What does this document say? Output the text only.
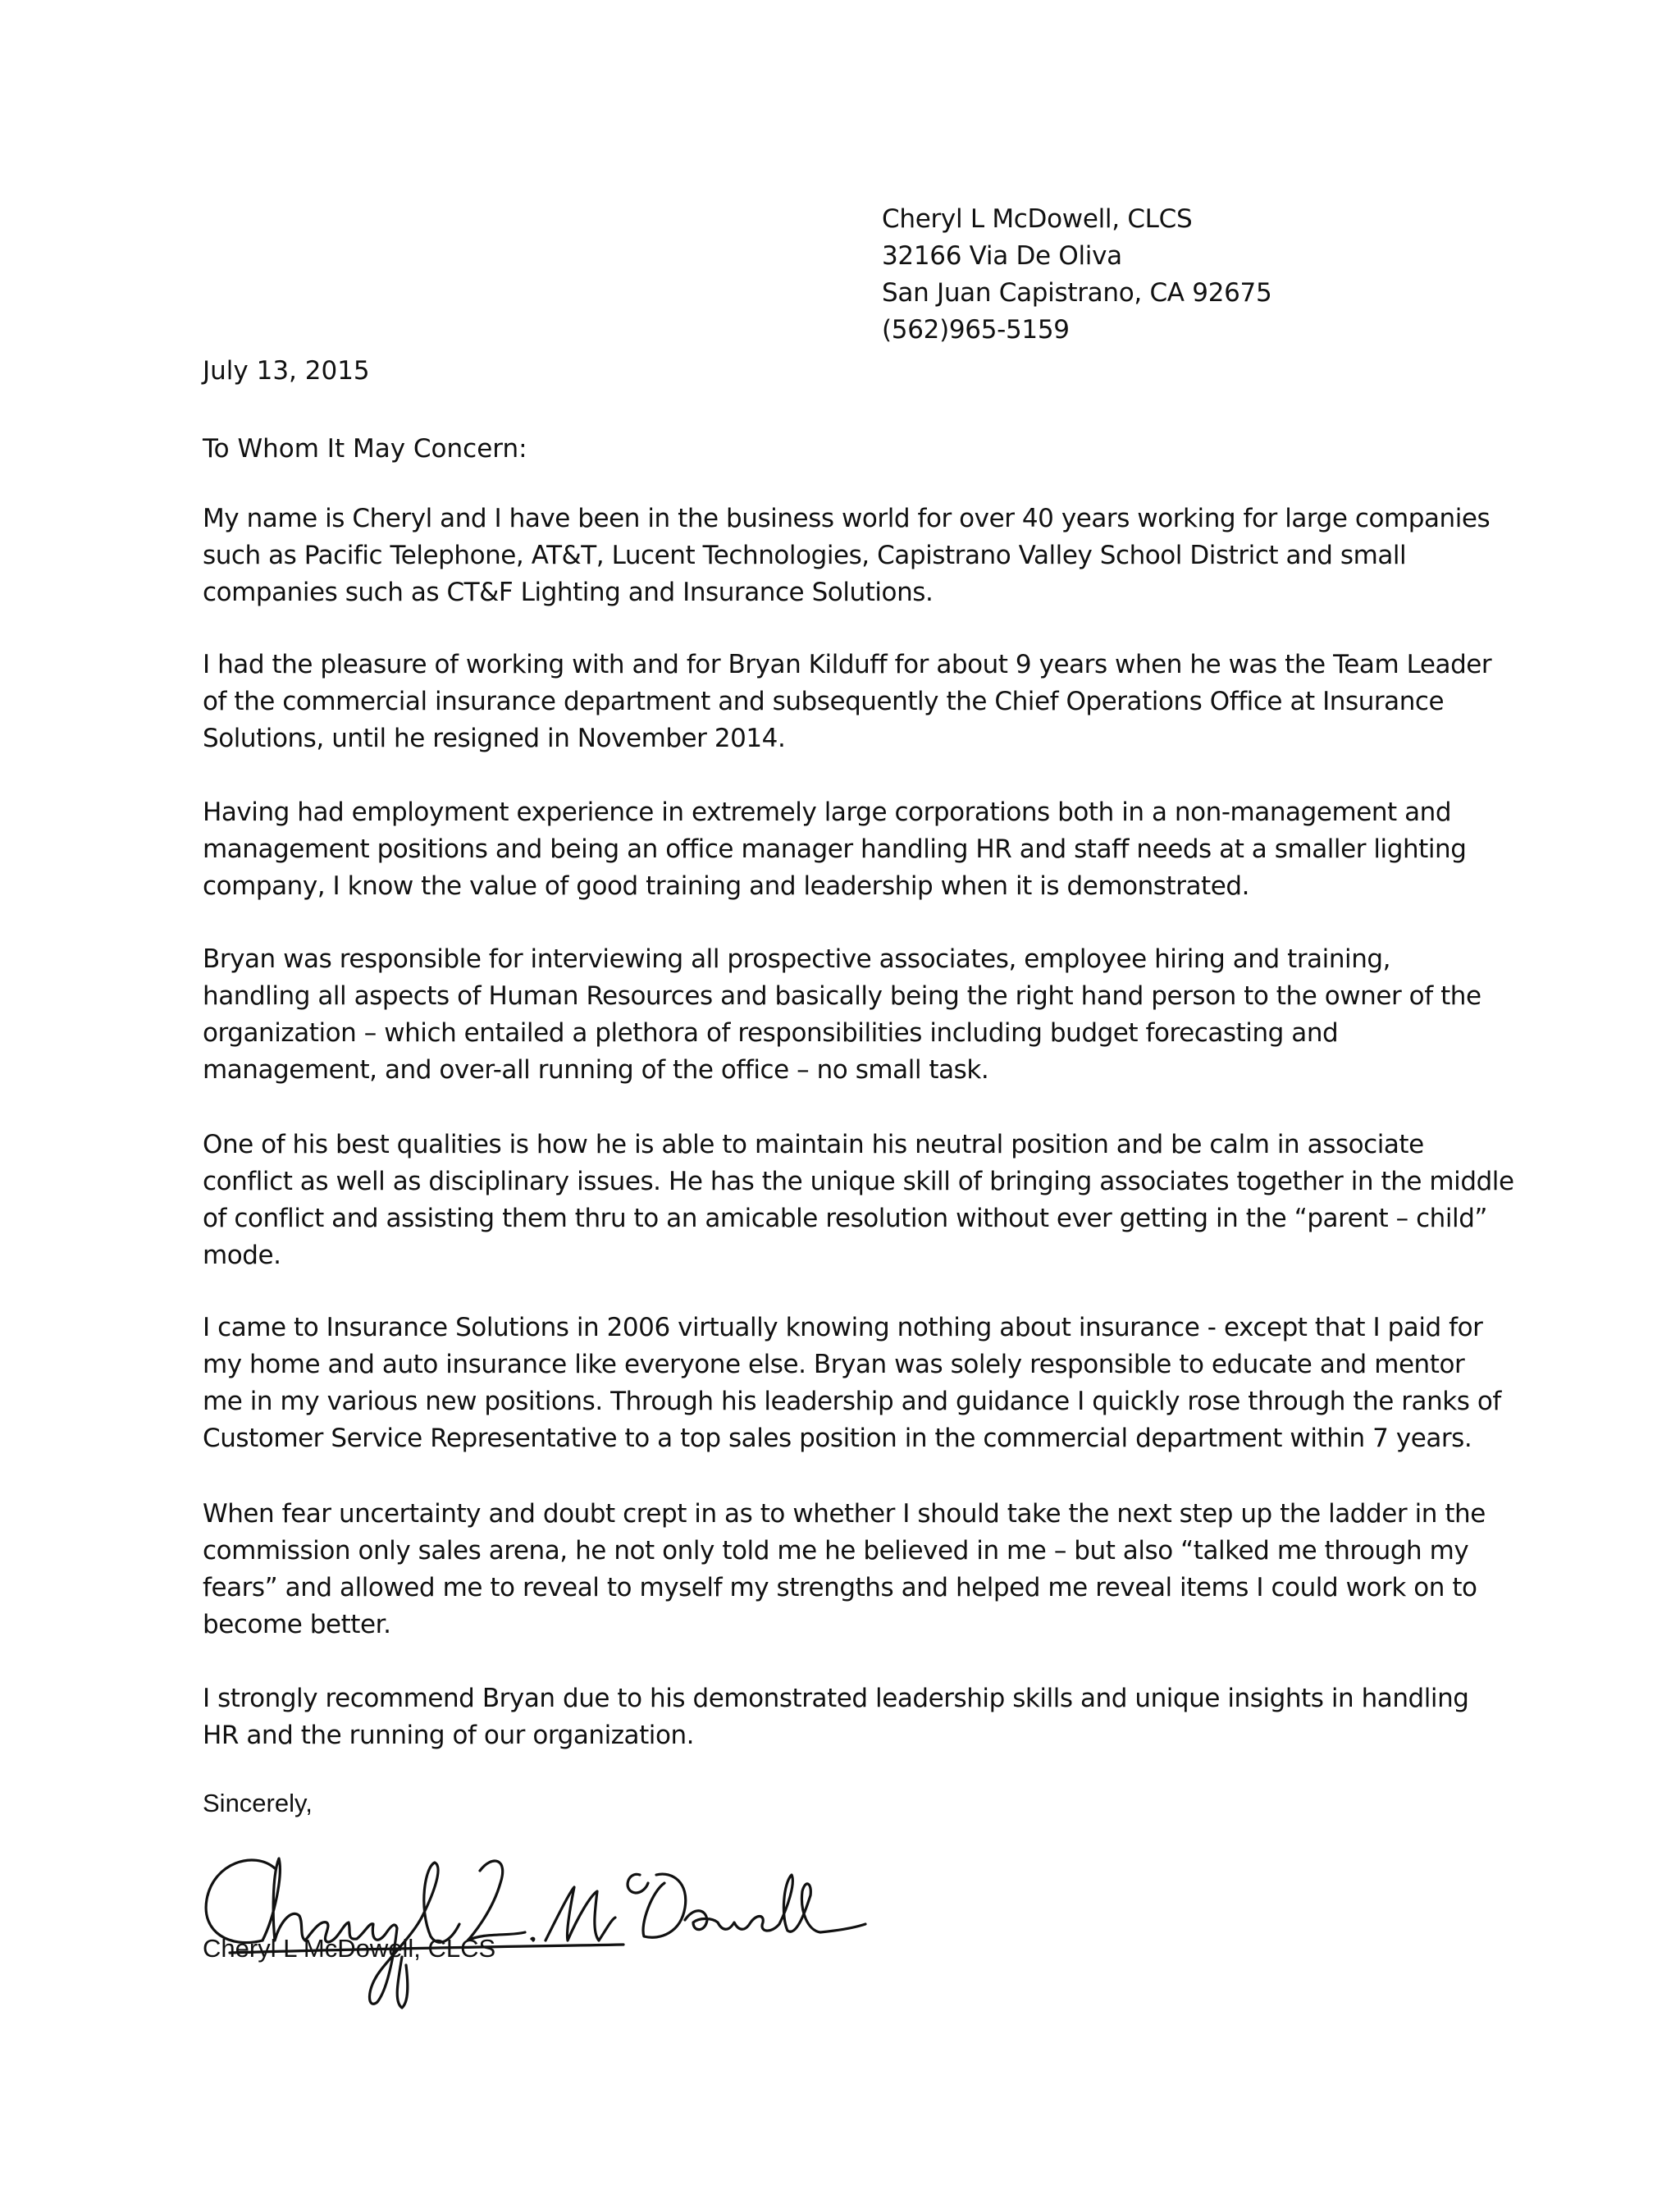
Cheryl L McDowell, CLCS
32166 Via De Oliva
San Juan Capistrano, CA 92675
(562)965-5159
July 13, 2015
To Whom It May Concern:
My name is Cheryl and I have been in the business world for over 40 years working for large companies
such as Pacific Telephone, AT&T, Lucent Technologies, Capistrano Valley School District and small
companies such as CT&F Lighting and Insurance Solutions.
I had the pleasure of working with and for Bryan Kilduff for about 9 years when he was the Team Leader
of the commercial insurance department and subsequently the Chief Operations Office at Insurance
Solutions, until he resigned in November 2014.
Having had employment experience in extremely large corporations both in a non-management and
management positions and being an office manager handling HR and staff needs at a smaller lighting
company, I know the value of good training and leadership when it is demonstrated.
Bryan was responsible for interviewing all prospective associates, employee hiring and training,
handling all aspects of Human Resources and basically being the right hand person to the owner of the
organization – which entailed a plethora of responsibilities including budget forecasting and
management, and over-all running of the office – no small task.
One of his best qualities is how he is able to maintain his neutral position and be calm in associate
conflict as well as disciplinary issues. He has the unique skill of bringing associates together in the middle
of conflict and assisting them thru to an amicable resolution without ever getting in the “parent – child”
mode.
I came to Insurance Solutions in 2006 virtually knowing nothing about insurance - except that I paid for
my home and auto insurance like everyone else. Bryan was solely responsible to educate and mentor
me in my various new positions. Through his leadership and guidance I quickly rose through the ranks of
Customer Service Representative to a top sales position in the commercial department within 7 years.
When fear uncertainty and doubt crept in as to whether I should take the next step up the ladder in the
commission only sales arena, he not only told me he believed in me – but also “talked me through my
fears” and allowed me to reveal to myself my strengths and helped me reveal items I could work on to
become better.
I strongly recommend Bryan due to his demonstrated leadership skills and unique insights in handling
HR and the running of our organization.
Sincerely,
Cheryl L McDowell, CLCS
